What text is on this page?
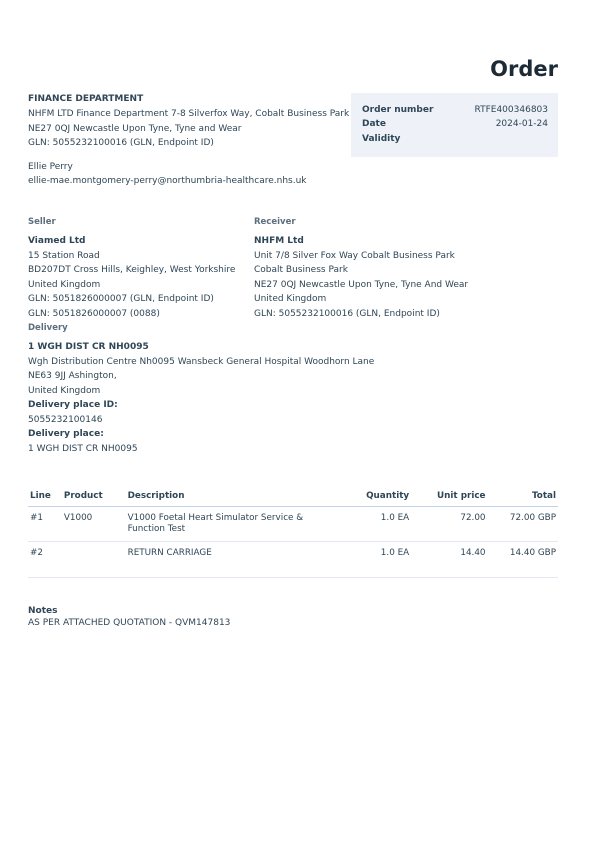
Order
FINANCE DEPARTMENT
NHFM LTD Finance Department 7-8 Silverfox Way, Cobalt Business Park
NE27 0QJ Newcastle Upon Tyne, Tyne and Wear
GLN: 5055232100016 (GLN, Endpoint ID)
Ellie Perry
ellie-mae.montgomery-perry@northumbria-healthcare.nhs.uk
Order number	RTFE400346803
Date	2024-01-24
Validity
Seller
Viamed Ltd
15 Station Road
BD207DT Cross Hills, Keighley, West Yorkshire
United Kingdom
GLN: 5051826000007 (GLN, Endpoint ID)
GLN: 5051826000007 (0088)
Receiver
NHFM Ltd
Unit 7/8 Silver Fox Way Cobalt Business Park
Cobalt Business Park
NE27 0QJ Newcastle Upon Tyne, Tyne And Wear
United Kingdom
GLN: 5055232100016 (GLN, Endpoint ID)
Delivery
1 WGH DIST CR NH0095
Wgh Distribution Centre Nh0095 Wansbeck General Hospital Woodhorn Lane
NE63 9JJ Ashington,
United Kingdom
Delivery place ID:
5055232100146
Delivery place:
1 WGH DIST CR NH0095
Line	Product	Description	Quantity	Unit price	Total
#1	V1000	V1000 Foetal Heart Simulator Service & Function Test	1.0 EA	72.00	72.00 GBP
#2		RETURN CARRIAGE	1.0 EA	14.40	14.40 GBP
Notes
AS PER ATTACHED QUOTATION - QVM147813
